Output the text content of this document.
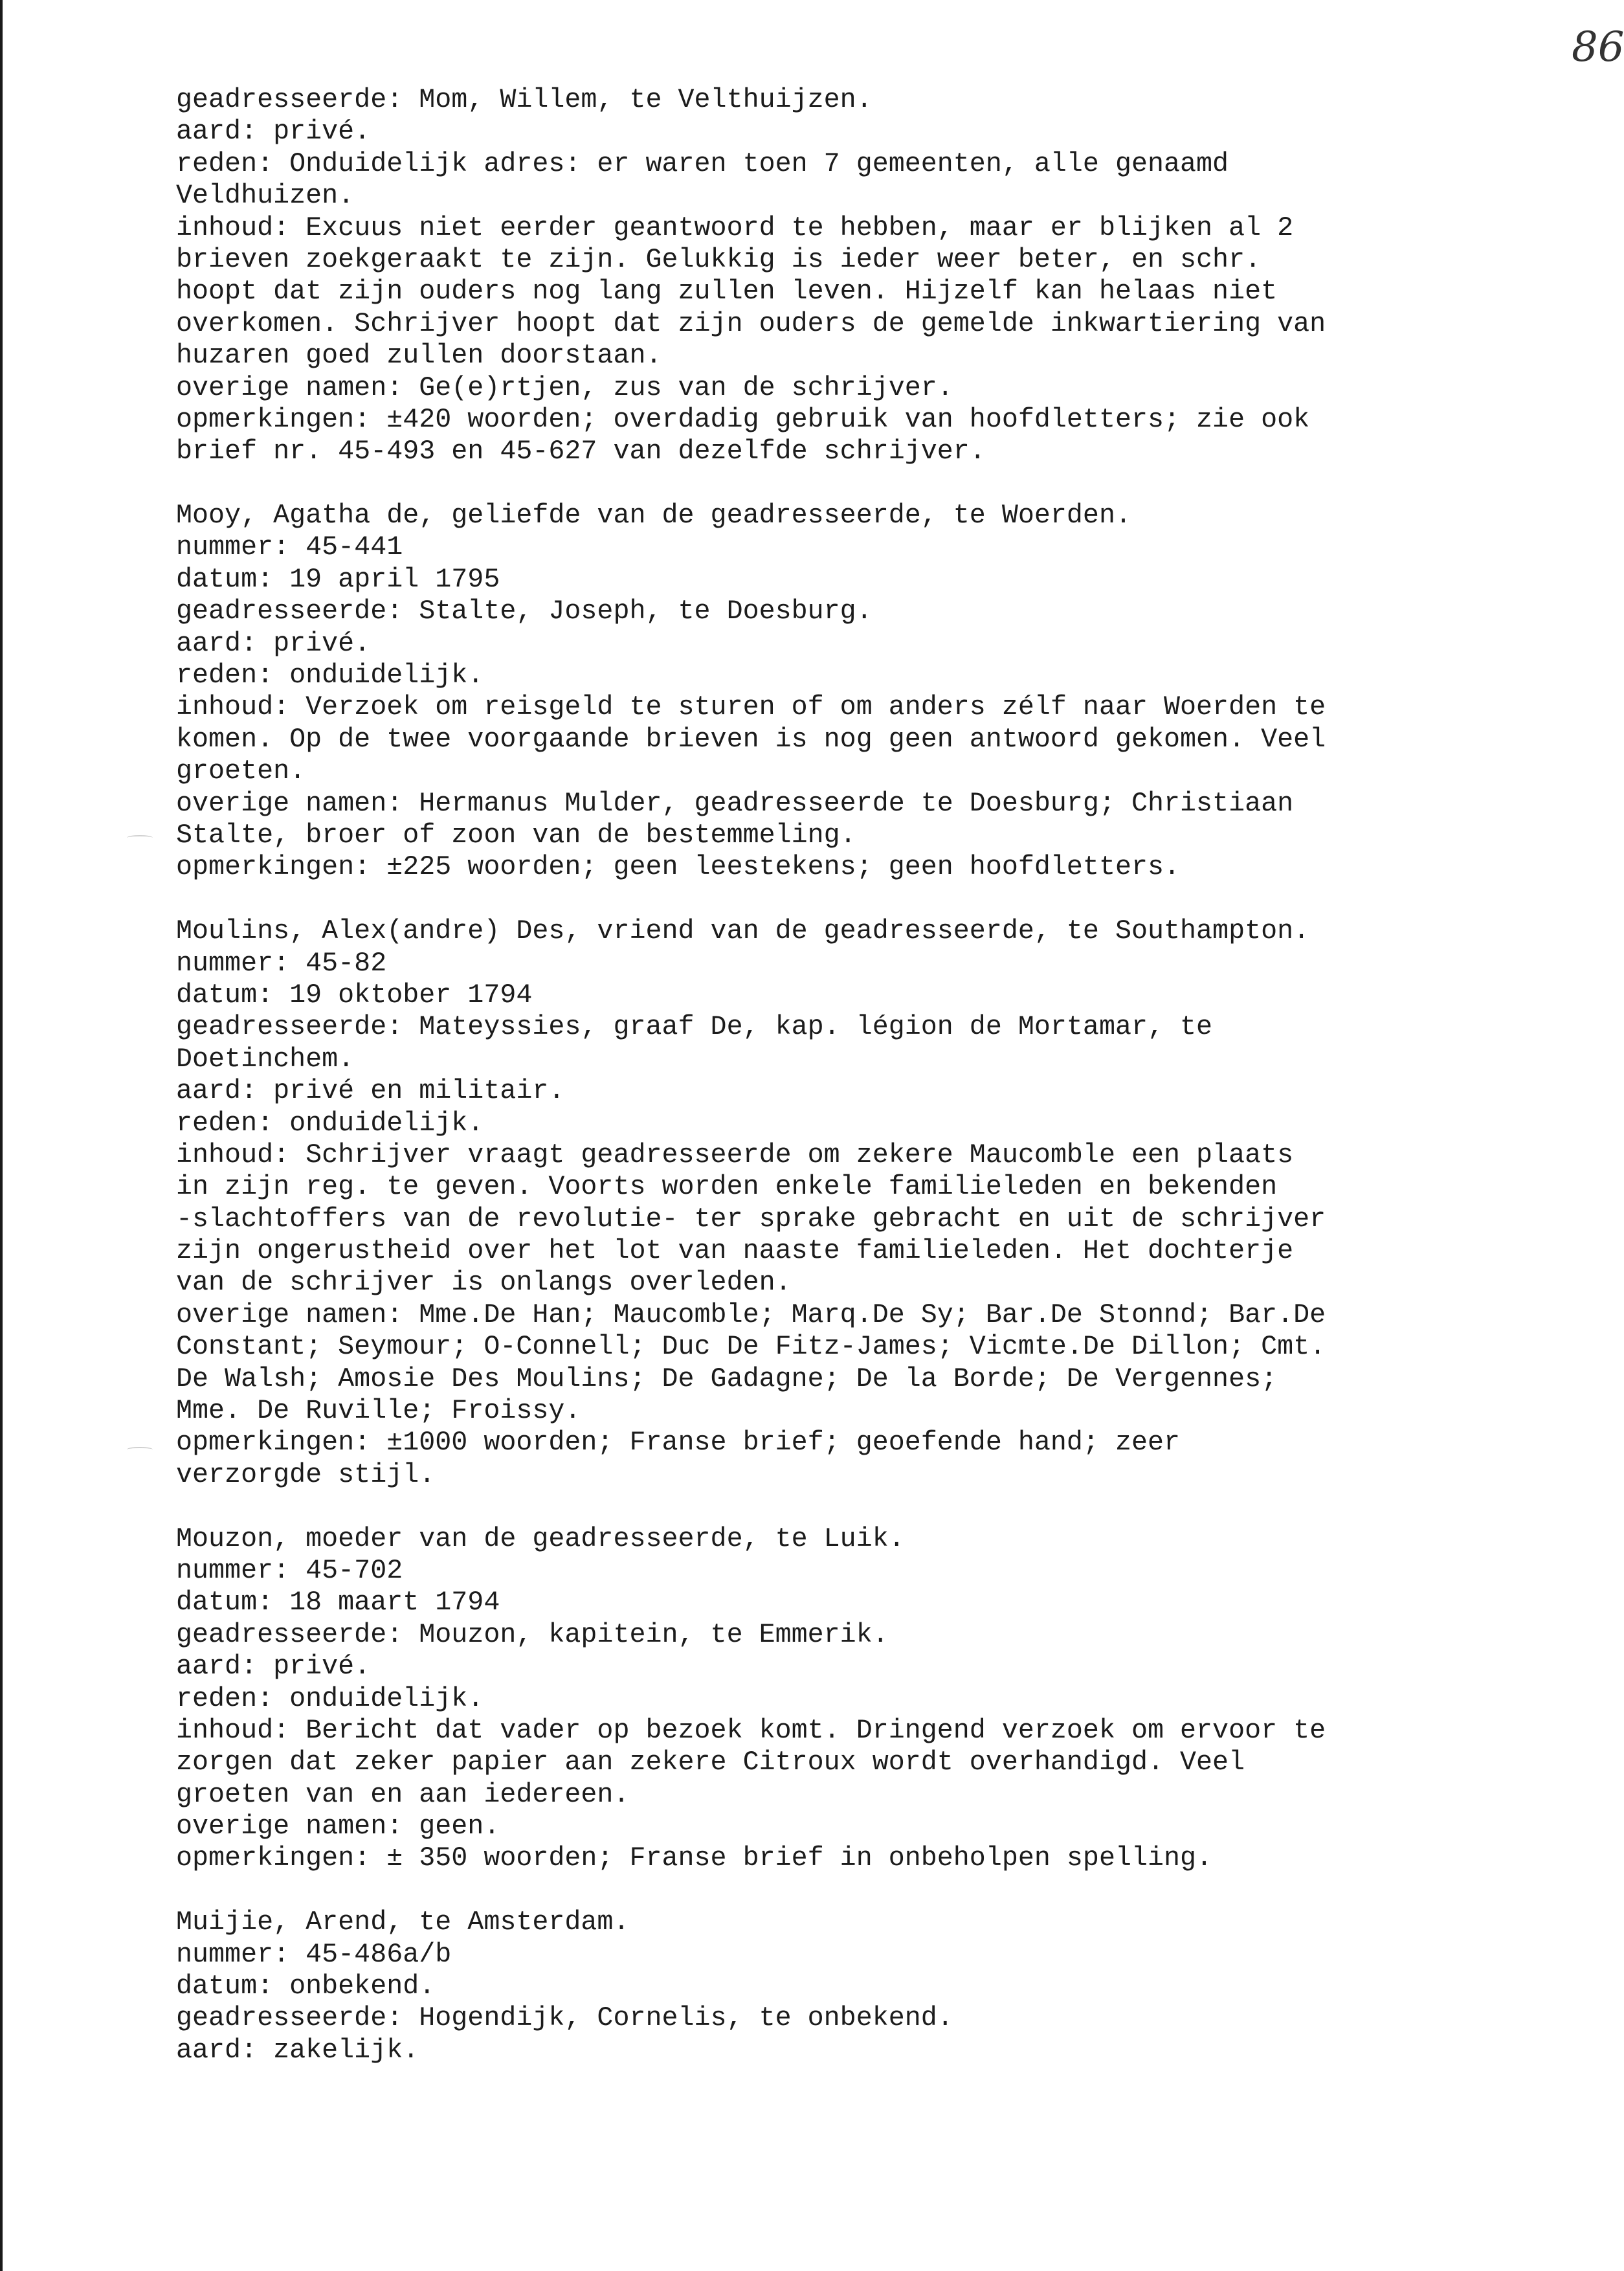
86
geadresseerde: Mom, Willem, te Velthuijzen.
aard: privé.
reden: Onduidelijk adres: er waren toen 7 gemeenten, alle genaamd
Veldhuizen.
inhoud: Excuus niet eerder geantwoord te hebben, maar er blijken al 2
brieven zoekgeraakt te zijn. Gelukkig is ieder weer beter, en schr.
hoopt dat zijn ouders nog lang zullen leven. Hijzelf kan helaas niet
overkomen. Schrijver hoopt dat zijn ouders de gemelde inkwartiering van
huzaren goed zullen doorstaan.
overige namen: Ge(e)rtjen, zus van de schrijver.
opmerkingen: ±420 woorden; overdadig gebruik van hoofdletters; zie ook
brief nr. 45-493 en 45-627 van dezelfde schrijver.
Mooy, Agatha de, geliefde van de geadresseerde, te Woerden.
nummer: 45-441
datum: 19 april 1795
geadresseerde: Stalte, Joseph, te Doesburg.
aard: privé.
reden: onduidelijk.
inhoud: Verzoek om reisgeld te sturen of om anders zélf naar Woerden te
komen. Op de twee voorgaande brieven is nog geen antwoord gekomen. Veel
groeten.
overige namen: Hermanus Mulder, geadresseerde te Doesburg; Christiaan
Stalte, broer of zoon van de bestemmeling.
opmerkingen: ±225 woorden; geen leestekens; geen hoofdletters.
Moulins, Alex(andre) Des, vriend van de geadresseerde, te Southampton.
nummer: 45-82
datum: 19 oktober 1794
geadresseerde: Mateyssies, graaf De, kap. légion de Mortamar, te
Doetinchem.
aard: privé en militair.
reden: onduidelijk.
inhoud: Schrijver vraagt geadresseerde om zekere Maucomble een plaats
in zijn reg. te geven. Voorts worden enkele familieleden en bekenden
-slachtoffers van de revolutie- ter sprake gebracht en uit de schrijver
zijn ongerustheid over het lot van naaste familieleden. Het dochterje
van de schrijver is onlangs overleden.
overige namen: Mme.De Han; Maucomble; Marq.De Sy; Bar.De Stonnd; Bar.De
Constant; Seymour; O-Connell; Duc De Fitz-James; Vicmte.De Dillon; Cmt.
De Walsh; Amosie Des Moulins; De Gadagne; De la Borde; De Vergennes;
Mme. De Ruville; Froissy.
opmerkingen: ±1000 woorden; Franse brief; geoefende hand; zeer
verzorgde stijl.
Mouzon, moeder van de geadresseerde, te Luik.
nummer: 45-702
datum: 18 maart 1794
geadresseerde: Mouzon, kapitein, te Emmerik.
aard: privé.
reden: onduidelijk.
inhoud: Bericht dat vader op bezoek komt. Dringend verzoek om ervoor te
zorgen dat zeker papier aan zekere Citroux wordt overhandigd. Veel
groeten van en aan iedereen.
overige namen: geen.
opmerkingen: ± 350 woorden; Franse brief in onbeholpen spelling.
Muijie, Arend, te Amsterdam.
nummer: 45-486a/b
datum: onbekend.
geadresseerde: Hogendijk, Cornelis, te onbekend.
aard: zakelijk.
